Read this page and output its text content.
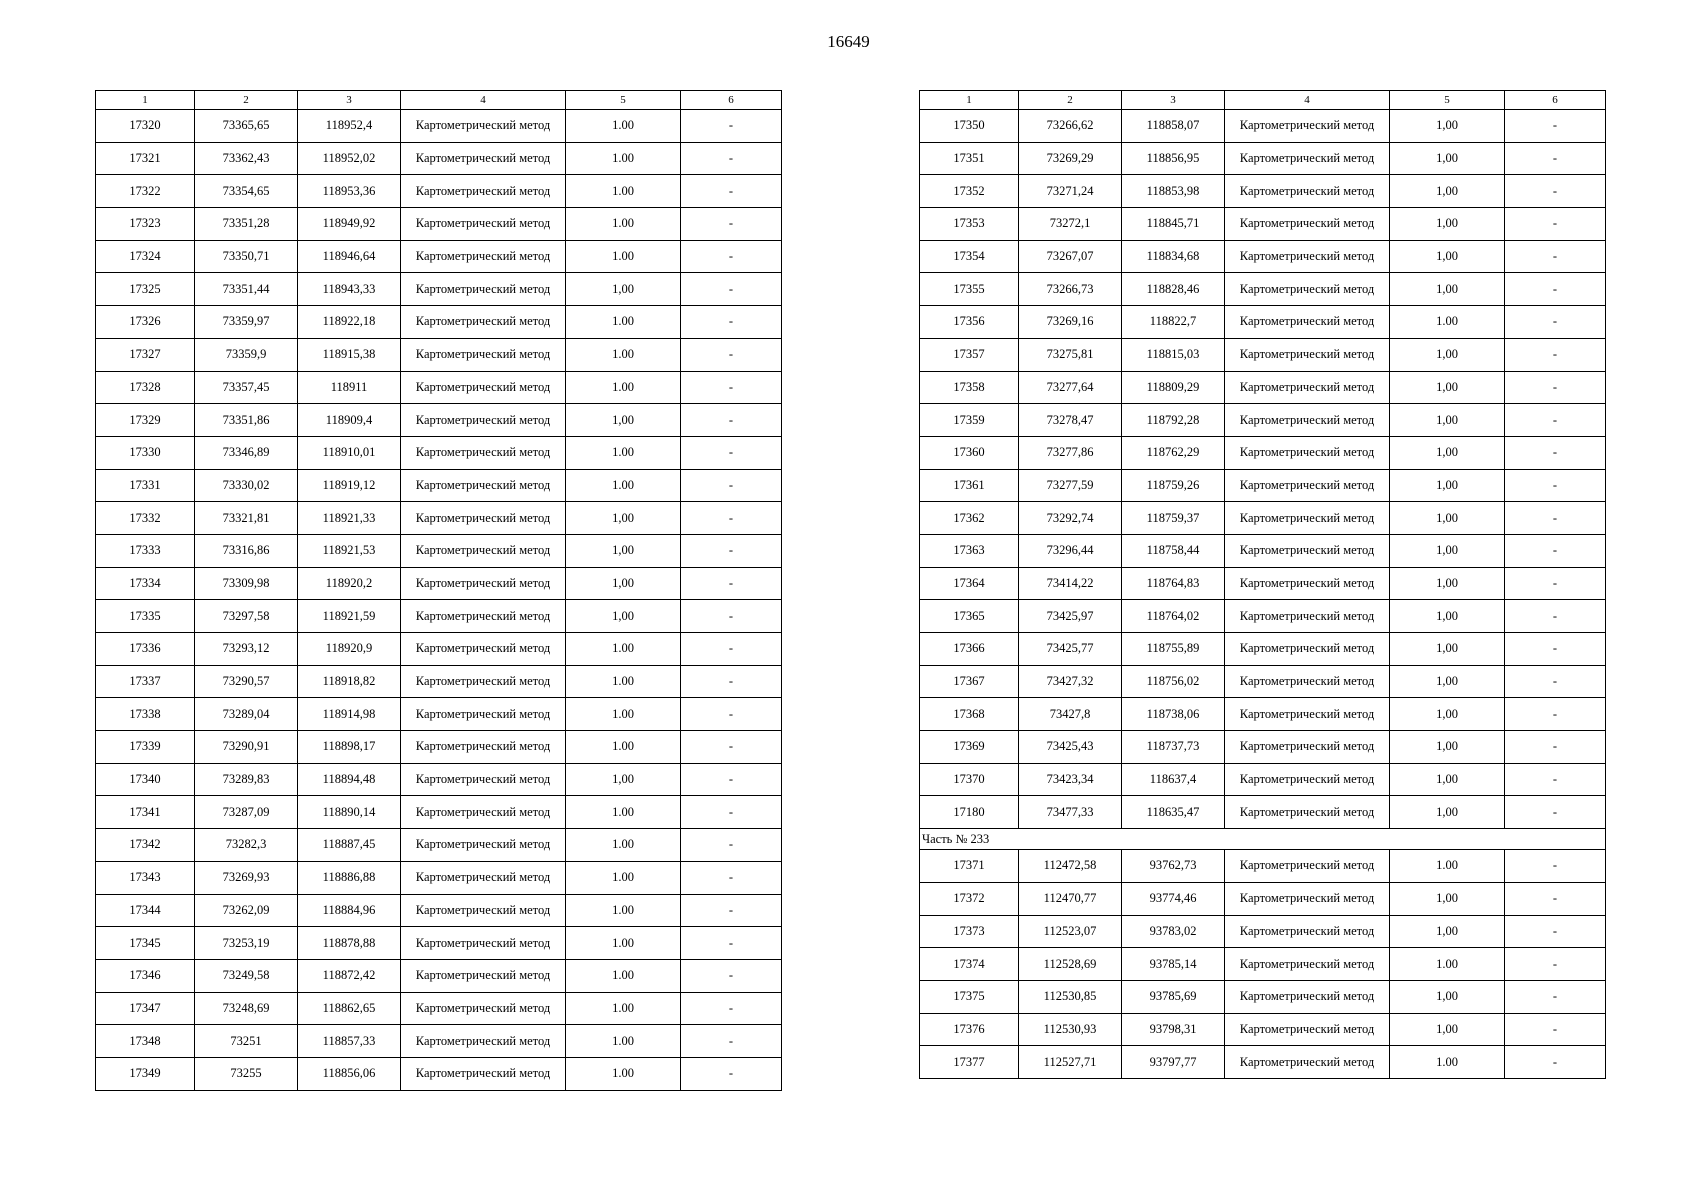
16649
1	2	3	4	5	6
17320	73365,65	118952,4	Картометрический метод	1.00	-
17321	73362,43	118952,02	Картометрический метод	1.00	-
17322	73354,65	118953,36	Картометрический метод	1.00	-
17323	73351,28	118949,92	Картометрический метод	1.00	-
17324	73350,71	118946,64	Картометрический метод	1.00	-
17325	73351,44	118943,33	Картометрический метод	1,00	-
17326	73359,97	118922,18	Картометрический метод	1.00	-
17327	73359,9	118915,38	Картометрический метод	1.00	-
17328	73357,45	118911	Картометрический метод	1.00	-
17329	73351,86	118909,4	Картометрический метод	1,00	-
17330	73346,89	118910,01	Картометрический метод	1.00	-
17331	73330,02	118919,12	Картометрический метод	1.00	-
17332	73321,81	118921,33	Картометрический метод	1,00	-
17333	73316,86	118921,53	Картометрический метод	1,00	-
17334	73309,98	118920,2	Картометрический метод	1,00	-
17335	73297,58	118921,59	Картометрический метод	1,00	-
17336	73293,12	118920,9	Картометрический метод	1.00	-
17337	73290,57	118918,82	Картометрический метод	1.00	-
17338	73289,04	118914,98	Картометрический метод	1.00	-
17339	73290,91	118898,17	Картометрический метод	1.00	-
17340	73289,83	118894,48	Картометрический метод	1,00	-
17341	73287,09	118890,14	Картометрический метод	1.00	-
17342	73282,3	118887,45	Картометрический метод	1.00	-
17343	73269,93	118886,88	Картометрический метод	1.00	-
17344	73262,09	118884,96	Картометрический метод	1.00	-
17345	73253,19	118878,88	Картометрический метод	1.00	-
17346	73249,58	118872,42	Картометрический метод	1.00	-
17347	73248,69	118862,65	Картометрический метод	1.00	-
17348	73251	118857,33	Картометрический метод	1.00	-
17349	73255	118856,06	Картометрический метод	1.00	-
1	2	3	4	5	6
17350	73266,62	118858,07	Картометрический метод	1,00	-
17351	73269,29	118856,95	Картометрический метод	1,00	-
17352	73271,24	118853,98	Картометрический метод	1,00	-
17353	73272,1	118845,71	Картометрический метод	1,00	-
17354	73267,07	118834,68	Картометрический метод	1,00	-
17355	73266,73	118828,46	Картометрический метод	1,00	-
17356	73269,16	118822,7	Картометрический метод	1.00	-
17357	73275,81	118815,03	Картометрический метод	1,00	-
17358	73277,64	118809,29	Картометрический метод	1,00	-
17359	73278,47	118792,28	Картометрический метод	1,00	-
17360	73277,86	118762,29	Картометрический метод	1,00	-
17361	73277,59	118759,26	Картометрический метод	1,00	-
17362	73292,74	118759,37	Картометрический метод	1,00	-
17363	73296,44	118758,44	Картометрический метод	1,00	-
17364	73414,22	118764,83	Картометрический метод	1,00	-
17365	73425,97	118764,02	Картометрический метод	1,00	-
17366	73425,77	118755,89	Картометрический метод	1,00	-
17367	73427,32	118756,02	Картометрический метод	1,00	-
17368	73427,8	118738,06	Картометрический метод	1,00	-
17369	73425,43	118737,73	Картометрический метод	1,00	-
17370	73423,34	118637,4	Картометрический метод	1,00	-
17180	73477,33	118635,47	Картометрический метод	1,00	-
Часть № 233					
17371	112472,58	93762,73	Картометрический метод	1.00	-
17372	112470,77	93774,46	Картометрический метод	1,00	-
17373	112523,07	93783,02	Картометрический метод	1,00	-
17374	112528,69	93785,14	Картометрический метод	1.00	-
17375	112530,85	93785,69	Картометрический метод	1,00	-
17376	112530,93	93798,31	Картометрический метод	1,00	-
17377	112527,71	93797,77	Картометрический метод	1.00	-
